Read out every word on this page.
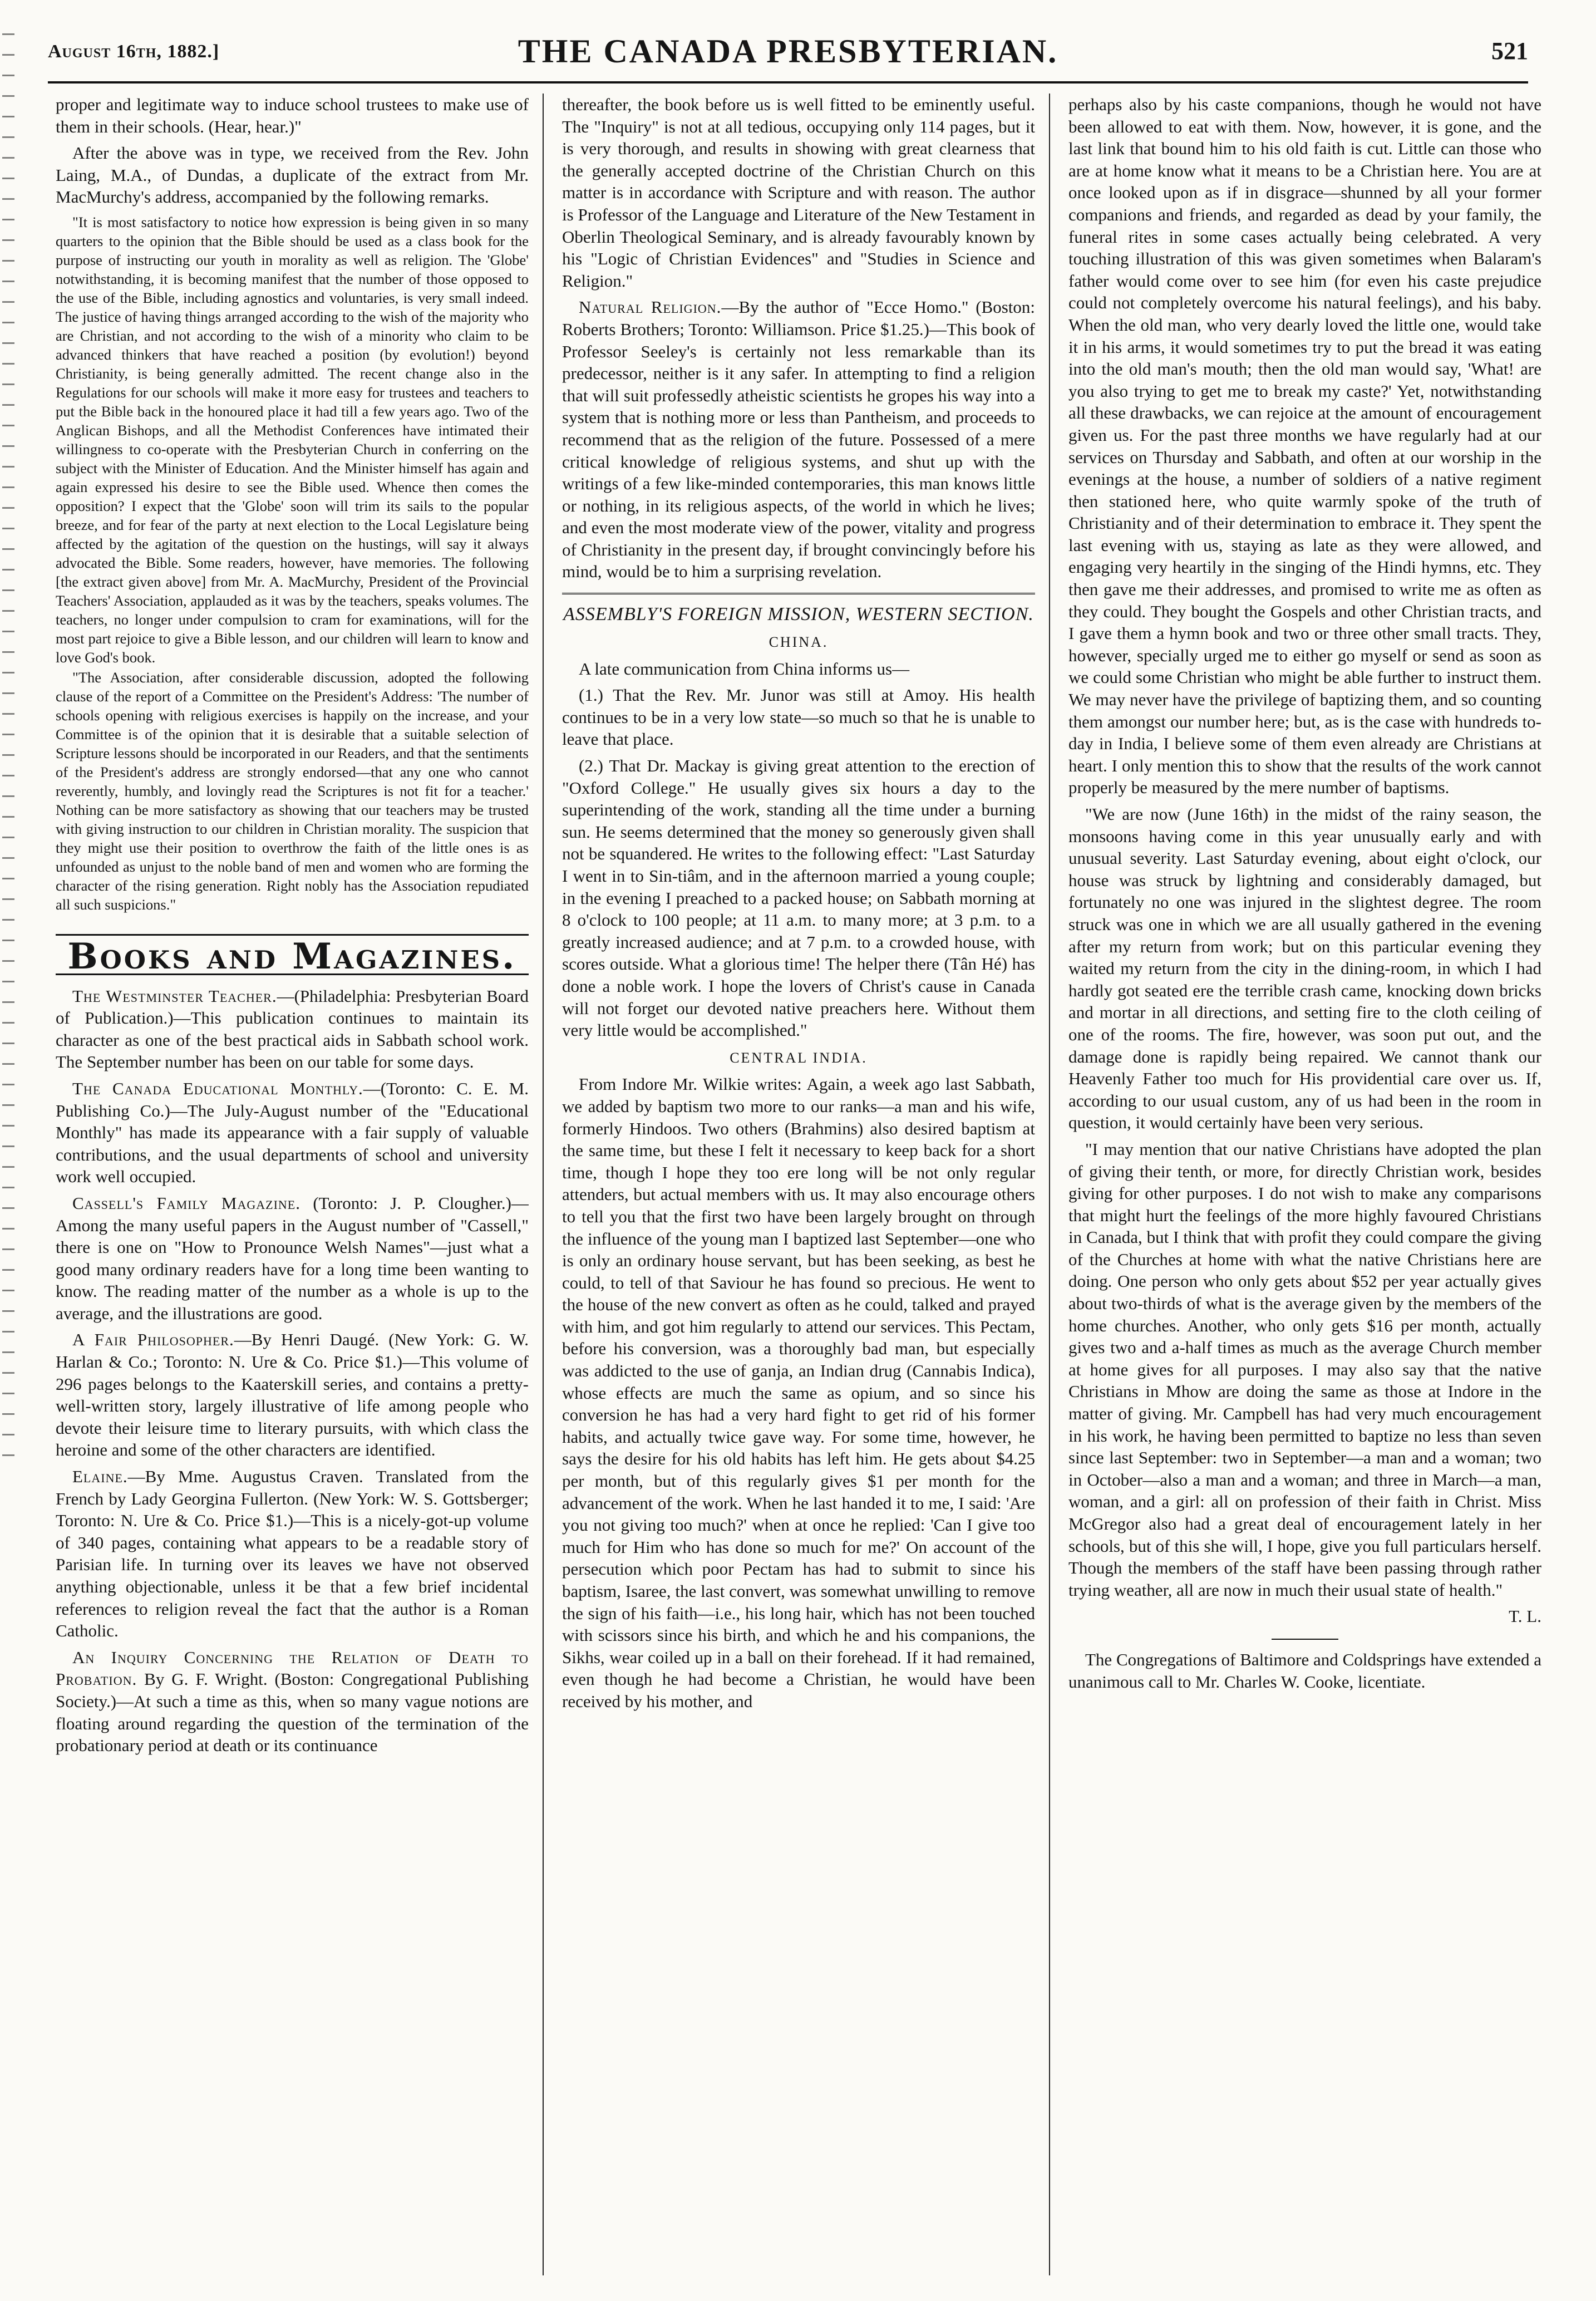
August 16th, 1882.]	THE CANADA PRESBYTERIAN.	521

proper and legitimate way to induce school trustees to make use of them in their schools. (Hear, hear.)"

After the above was in type, we received from the Rev. John Laing, M.A., of Dundas, a duplicate of the extract from Mr. MacMurchy's address, accompanied by the following remarks.

"It is most satisfactory to notice how expression is being given in so many quarters to the opinion that the Bible should be used as a class book for the purpose of instructing our youth in morality as well as religion. The 'Globe' notwithstanding, it is becoming manifest that the number of those opposed to the use of the Bible, including agnostics and voluntaries, is very small indeed. The justice of having things arranged according to the wish of the majority who are Christian, and not according to the wish of a minority who claim to be advanced thinkers that have reached a position (by evolution!) beyond Christianity, is being generally admitted. The recent change also in the Regulations for our schools will make it more easy for trustees and teachers to put the Bible back in the honoured place it had till a few years ago. Two of the Anglican Bishops, and all the Methodist Conferences have intimated their willingness to co-operate with the Presbyterian Church in conferring on the subject with the Minister of Education. And the Minister himself has again and again expressed his desire to see the Bible used. Whence then comes the opposition? I expect that the 'Globe' soon will trim its sails to the popular breeze, and for fear of the party at next election to the Local Legislature being affected by the agitation of the question on the hustings, will say it always advocated the Bible. Some readers, however, have memories. The following [the extract given above] from Mr. A. MacMurchy, President of the Provincial Teachers' Association, applauded as it was by the teachers, speaks volumes. The teachers, no longer under compulsion to cram for examinations, will for the most part rejoice to give a Bible lesson, and our children will learn to know and love God's book.

"The Association, after considerable discussion, adopted the following clause of the report of a Committee on the President's Address: 'The number of schools opening with religious exercises is happily on the increase, and your Committee is of the opinion that it is desirable that a suitable selection of Scripture lessons should be incorporated in our Readers, and that the sentiments of the President's address are strongly endorsed—that any one who cannot reverently, humbly, and lovingly read the Scriptures is not fit for a teacher.' Nothing can be more satisfactory as showing that our teachers may be trusted with giving instruction to our children in Christian morality. The suspicion that they might use their position to overthrow the faith of the little ones is as unfounded as unjust to the noble band of men and women who are forming the character of the rising generation. Right nobly has the Association repudiated all such suspicions."

Books and Magazines.

The Westminster Teacher.—(Philadelphia: Presbyterian Board of Publication.)—This publication continues to maintain its character as one of the best practical aids in Sabbath school work. The September number has been on our table for some days.

The Canada Educational Monthly.—(Toronto: C. E. M. Publishing Co.)—The July-August number of the "Educational Monthly" has made its appearance with a fair supply of valuable contributions, and the usual departments of school and university work well occupied.

Cassell's Family Magazine. (Toronto: J. P. Clougher.)—Among the many useful papers in the August number of "Cassell," there is one on "How to Pronounce Welsh Names"—just what a good many ordinary readers have for a long time been wanting to know. The reading matter of the number as a whole is up to the average, and the illustrations are good.

A Fair Philosopher.—By Henri Daugé. (New York: G. W. Harlan & Co.; Toronto: N. Ure & Co. Price $1.)—This volume of 296 pages belongs to the Kaaterskill series, and contains a pretty-well-written story, largely illustrative of life among people who devote their leisure time to literary pursuits, with which class the heroine and some of the other characters are identified.

Elaine.—By Mme. Augustus Craven. Translated from the French by Lady Georgina Fullerton. (New York: W. S. Gottsberger; Toronto: N. Ure & Co. Price $1.)—This is a nicely-got-up volume of 340 pages, containing what appears to be a readable story of Parisian life. In turning over its leaves we have not observed anything objectionable, unless it be that a few brief incidental references to religion reveal the fact that the author is a Roman Catholic.

An Inquiry Concerning the Relation of Death to Probation. By G. F. Wright. (Boston: Congregational Publishing Society.)—At such a time as this, when so many vague notions are floating around regarding the question of the termination of the probationary period at death or its continuance

thereafter, the book before us is well fitted to be eminently useful. The "Inquiry" is not at all tedious, occupying only 114 pages, but it is very thorough, and results in showing with great clearness that the generally accepted doctrine of the Christian Church on this matter is in accordance with Scripture and with reason. The author is Professor of the Language and Literature of the New Testament in Oberlin Theological Seminary, and is already favourably known by his "Logic of Christian Evidences" and "Studies in Science and Religion."

Natural Religion.—By the author of "Ecce Homo." (Boston: Roberts Brothers; Toronto: Williamson. Price $1.25.)—This book of Professor Seeley's is certainly not less remarkable than its predecessor, neither is it any safer. In attempting to find a religion that will suit professedly atheistic scientists he gropes his way into a system that is nothing more or less than Pantheism, and proceeds to recommend that as the religion of the future. Possessed of a mere critical knowledge of religious systems, and shut up with the writings of a few like-minded contemporaries, this man knows little or nothing, in its religious aspects, of the world in which he lives; and even the most moderate view of the power, vitality and progress of Christianity in the present day, if brought convincingly before his mind, would be to him a surprising revelation.

ASSEMBLY'S FOREIGN MISSION, WESTERN SECTION.
CHINA.

A late communication from China informs us—

(1.) That the Rev. Mr. Junor was still at Amoy. His health continues to be in a very low state—so much so that he is unable to leave that place.

(2.) That Dr. Mackay is giving great attention to the erection of "Oxford College." He usually gives six hours a day to the superintending of the work, standing all the time under a burning sun. He seems determined that the money so generously given shall not be squandered. He writes to the following effect: "Last Saturday I went in to Sin-tiâm, and in the afternoon married a young couple; in the evening I preached to a packed house; on Sabbath morning at 8 o'clock to 100 people; at 11 a.m. to many more; at 3 p.m. to a greatly increased audience; and at 7 p.m. to a crowded house, with scores outside. What a glorious time! The helper there (Tân Hé) has done a noble work. I hope the lovers of Christ's cause in Canada will not forget our devoted native preachers here. Without them very little would be accomplished."

CENTRAL INDIA.

From Indore Mr. Wilkie writes: Again, a week ago last Sabbath, we added by baptism two more to our ranks—a man and his wife, formerly Hindoos. Two others (Brahmins) also desired baptism at the same time, but these I felt it necessary to keep back for a short time, though I hope they too ere long will be not only regular attenders, but actual members with us. It may also encourage others to tell you that the first two have been largely brought on through the influence of the young man I baptized last September—one who is only an ordinary house servant, but has been seeking, as best he could, to tell of that Saviour he has found so precious. He went to the house of the new convert as often as he could, talked and prayed with him, and got him regularly to attend our services. This Pectam, before his conversion, was a thoroughly bad man, but especially was addicted to the use of ganja, an Indian drug (Cannabis Indica), whose effects are much the same as opium, and so since his conversion he has had a very hard fight to get rid of his former habits, and actually twice gave way. For some time, however, he says the desire for his old habits has left him. He gets about $4.25 per month, but of this regularly gives $1 per month for the advancement of the work. When he last handed it to me, I said: 'Are you not giving too much?' when at once he replied: 'Can I give too much for Him who has done so much for me?' On account of the persecution which poor Pectam has had to submit to since his baptism, Isaree, the last convert, was somewhat unwilling to remove the sign of his faith—i.e., his long hair, which has not been touched with scissors since his birth, and which he and his companions, the Sikhs, wear coiled up in a ball on their forehead. If it had remained, even though he had become a Christian, he would have been received by his mother, and

perhaps also by his caste companions, though he would not have been allowed to eat with them. Now, however, it is gone, and the last link that bound him to his old faith is cut. Little can those who are at home know what it means to be a Christian here. You are at once looked upon as if in disgrace—shunned by all your former companions and friends, and regarded as dead by your family, the funeral rites in some cases actually being celebrated. A very touching illustration of this was given sometimes when Balaram's father would come over to see him (for even his caste prejudice could not completely overcome his natural feelings), and his baby. When the old man, who very dearly loved the little one, would take it in his arms, it would sometimes try to put the bread it was eating into the old man's mouth; then the old man would say, 'What! are you also trying to get me to break my caste?' Yet, notwithstanding all these drawbacks, we can rejoice at the amount of encouragement given us. For the past three months we have regularly had at our services on Thursday and Sabbath, and often at our worship in the evenings at the house, a number of soldiers of a native regiment then stationed here, who quite warmly spoke of the truth of Christianity and of their determination to embrace it. They spent the last evening with us, staying as late as they were allowed, and engaging very heartily in the singing of the Hindi hymns, etc. They then gave me their addresses, and promised to write me as often as they could. They bought the Gospels and other Christian tracts, and I gave them a hymn book and two or three other small tracts. They, however, specially urged me to either go myself or send as soon as we could some Christian who might be able further to instruct them. We may never have the privilege of baptizing them, and so counting them amongst our number here; but, as is the case with hundreds to-day in India, I believe some of them even already are Christians at heart. I only mention this to show that the results of the work cannot properly be measured by the mere number of baptisms.

"We are now (June 16th) in the midst of the rainy season, the monsoons having come in this year unusually early and with unusual severity. Last Saturday evening, about eight o'clock, our house was struck by lightning and considerably damaged, but fortunately no one was injured in the slightest degree. The room struck was one in which we are all usually gathered in the evening after my return from work; but on this particular evening they waited my return from the city in the dining-room, in which I had hardly got seated ere the terrible crash came, knocking down bricks and mortar in all directions, and setting fire to the cloth ceiling of one of the rooms. The fire, however, was soon put out, and the damage done is rapidly being repaired. We cannot thank our Heavenly Father too much for His providential care over us. If, according to our usual custom, any of us had been in the room in question, it would certainly have been very serious.

"I may mention that our native Christians have adopted the plan of giving their tenth, or more, for directly Christian work, besides giving for other purposes. I do not wish to make any comparisons that might hurt the feelings of the more highly favoured Christians in Canada, but I think that with profit they could compare the giving of the Churches at home with what the native Christians here are doing. One person who only gets about $52 per year actually gives about two-thirds of what is the average given by the members of the home churches. Another, who only gets $16 per month, actually gives two and a-half times as much as the average Church member at home gives for all purposes. I may also say that the native Christians in Mhow are doing the same as those at Indore in the matter of giving. Mr. Campbell has had very much encouragement in his work, he having been permitted to baptize no less than seven since last September: two in September—a man and a woman; two in October—also a man and a woman; and three in March—a man, woman, and a girl: all on profession of their faith in Christ. Miss McGregor also had a great deal of encouragement lately in her schools, but of this she will, I hope, give you full particulars herself. Though the members of the staff have been passing through rather trying weather, all are now in much their usual state of health."

T. L.

The Congregations of Baltimore and Coldsprings have extended a unanimous call to Mr. Charles W. Cooke, licentiate.
